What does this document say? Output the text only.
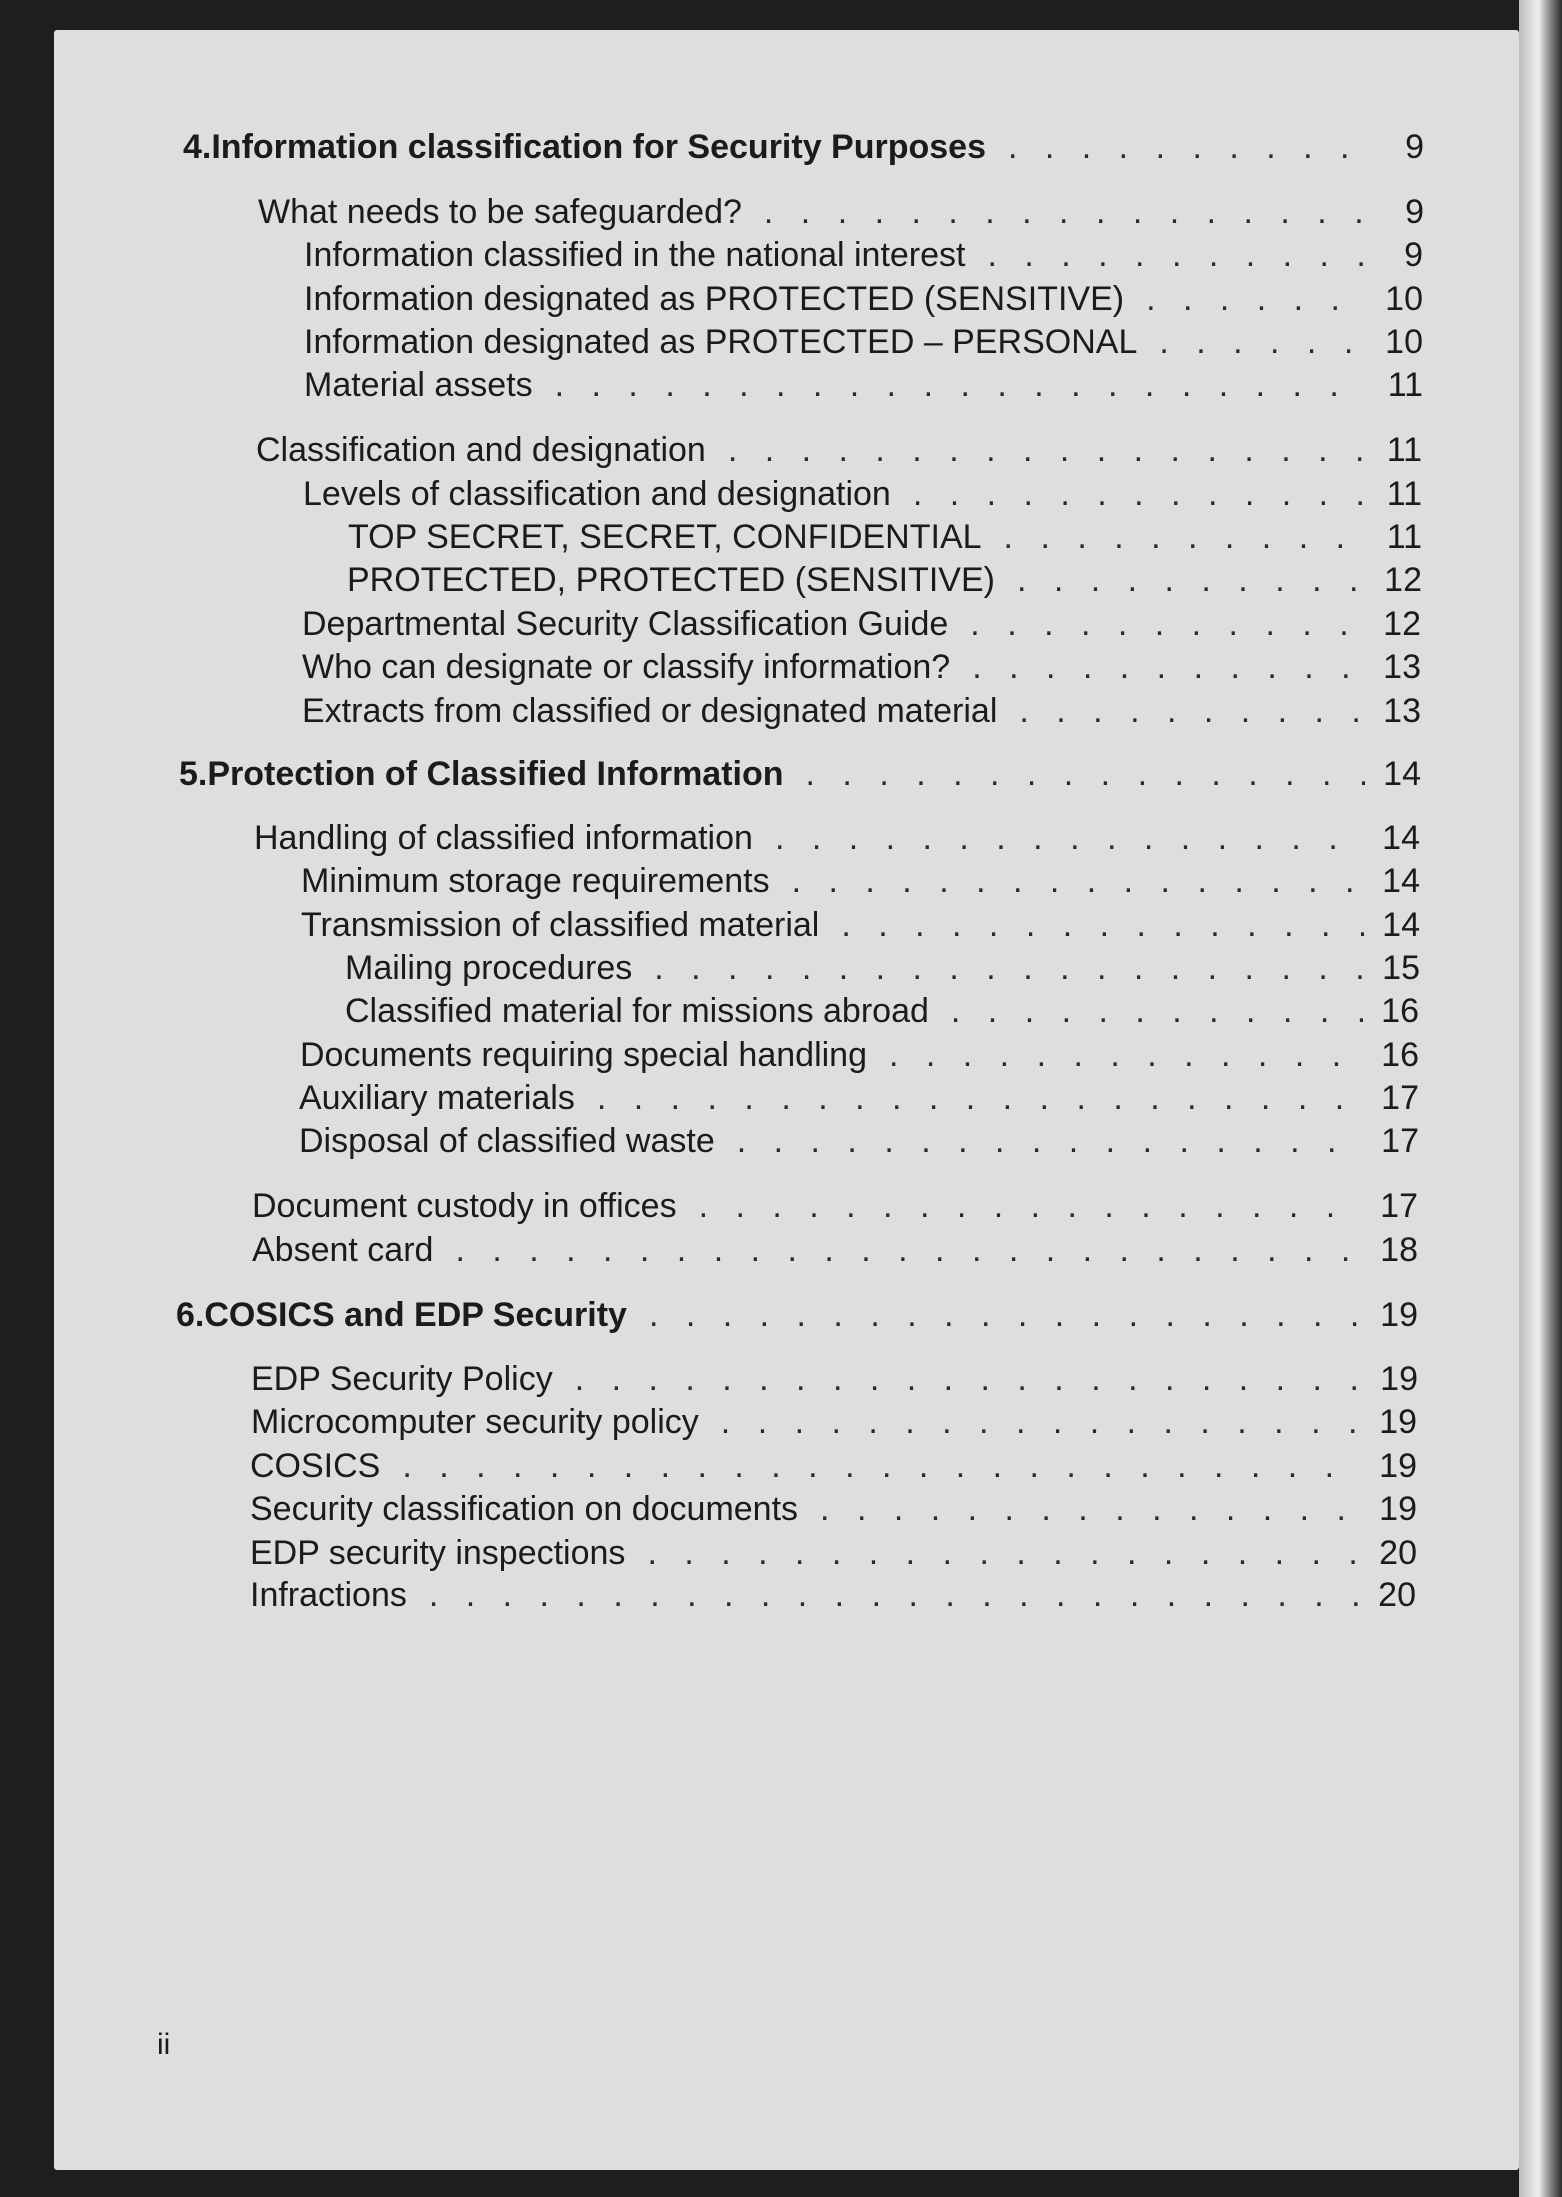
4. Information classification for Security Purposes . . .	9
What needs to be safeguarded? . . .	9
Information classified in the national interest . . .	9
Information designated as PROTECTED (SENSITIVE) . . .	10
Information designated as PROTECTED – PERSONAL . . .	10
Material assets . . .	11
Classification and designation . . .	11
Levels of classification and designation . . .	11
TOP SECRET, SECRET, CONFIDENTIAL . . .	11
PROTECTED, PROTECTED (SENSITIVE) . . .	12
Departmental Security Classification Guide . . .	12
Who can designate or classify information? . . .	13
Extracts from classified or designated material . . .	13
5. Protection of Classified Information . . .	14
Handling of classified information . . .	14
Minimum storage requirements . . .	14
Transmission of classified material . . .	14
Mailing procedures . . .	15
Classified material for missions abroad . . .	16
Documents requiring special handling . . .	16
Auxiliary materials . . .	17
Disposal of classified waste . . .	17
Document custody in offices . . .	17
Absent card . . .	18
6. COSICS and EDP Security . . .	19
EDP Security Policy . . .	19
Microcomputer security policy . . .	19
COSICS . . .	19
Security classification on documents . . .	19
EDP security inspections . . .	20
Infractions . . .	20
ii
